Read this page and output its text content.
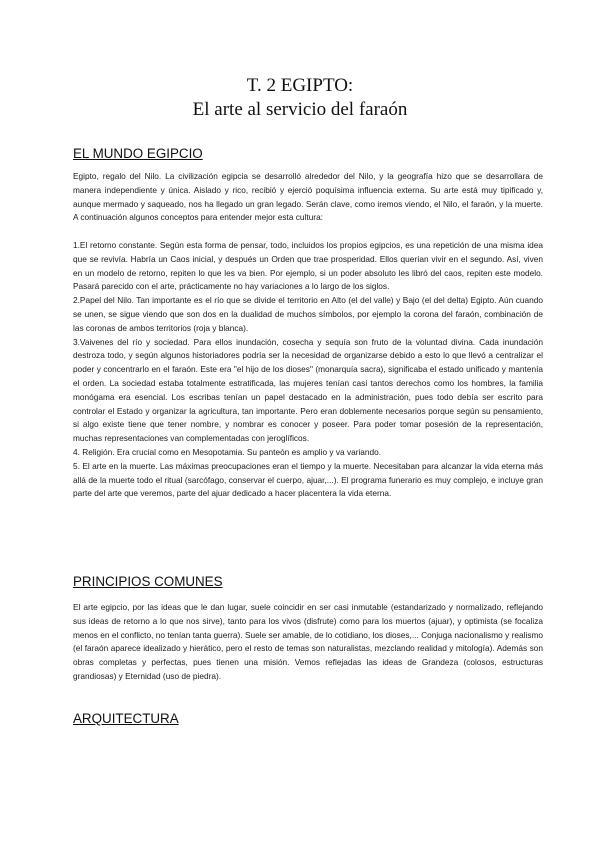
T. 2 EGIPTO:
El arte al servicio del faraón
EL MUNDO EGIPCIO

Egipto, regalo del Nilo. La civilización egipcia se desarrolló alrededor del Nilo, y la geografía hizo que se desarrollara de manera independiente y única. Aislado y rico, recibió y ejerció poquísima influencia externa. Su arte está muy tipificado y, aunque mermado y saqueado, nos ha llegado un gran legado. Serán clave, como iremos viendo, el Nilo, el faraón, y la muerte. A continuación algunos conceptos para entender mejor esta cultura:

1.El retorno constante. Según esta forma de pensar, todo, incluidos los propios egipcios, es una repetición de una misma idea que se revivía. Habría un Caos inicial, y después un Orden que trae prosperidad. Ellos querían vivir en el segundo. Así, viven en un modelo de retorno, repiten lo que les va bien. Por ejemplo, si un poder absoluto les libró del caos, repiten este modelo. Pasará parecido con el arte, prácticamente no hay variaciones a lo largo de los siglos.

2.Papel del Nilo. Tan importante es el río que se divide el territorio en Alto (el del valle) y Bajo (el del delta) Egipto. Aún cuando se unen, se sigue viendo que son dos en la dualidad de muchos símbolos, por ejemplo la corona del faraón, combinación de las coronas de ambos territorios (roja y blanca).

3.Vaivenes del río y sociedad. Para ellos inundación, cosecha y sequía son fruto de la voluntad divina. Cada inundación destroza todo, y según algunos historiadores podría ser la necesidad de organizarse debido a esto lo que llevó a centralizar el poder y concentrarlo en el faraón. Este era "el hijo de los dioses" (monarquía sacra), significaba el estado unificado y mantenía el orden. La sociedad estaba totalmente estratificada, las mujeres tenían casi tantos derechos como los hombres, la familia monógama era esencial. Los escribas tenían un papel destacado en la administración, pues todo debía ser escrito para controlar el Estado y organizar la agricultura, tan importante. Pero eran doblemente necesarios porque según su pensamiento, si algo existe tiene que tener nombre, y nombrar es conocer y poseer. Para poder tomar posesión de la representación, muchas representaciones van complementadas con jeroglíficos.

4. Religión. Era crucial como en Mesopotamia. Su panteón es amplio y va variando.

5. El arte en la muerte. Las máximas preocupaciones eran el tiempo y la muerte. Necesitaban para alcanzar la vida eterna más allá de la muerte todo el ritual (sarcófago, conservar el cuerpo, ajuar,...). El programa funerario es muy complejo, e incluye gran parte del arte que veremos, parte del ajuar dedicado a hacer placentera la vida eterna.

PRINCIPIOS COMUNES

El arte egipcio, por las ideas que le dan lugar, suele coincidir en ser casi inmutable (estandarizado y normalizado, reflejando sus ideas de retorno a lo que nos sirve), tanto para los vivos (disfrute) como para los muertos (ajuar), y optimista (se focaliza menos en el conflicto, no tenían tanta guerra). Suele ser amable, de lo cotidiano, los dioses,... Conjuga nacionalismo y realismo (el faraón aparece idealizado y hierático, pero el resto de temas son naturalistas, mezclando realidad y mitología). Además son obras completas y perfectas, pues tienen una misión. Vemos reflejadas las ideas de Grandeza (colosos, estructuras grandiosas) y Eternidad (uso de piedra).

ARQUITECTURA
